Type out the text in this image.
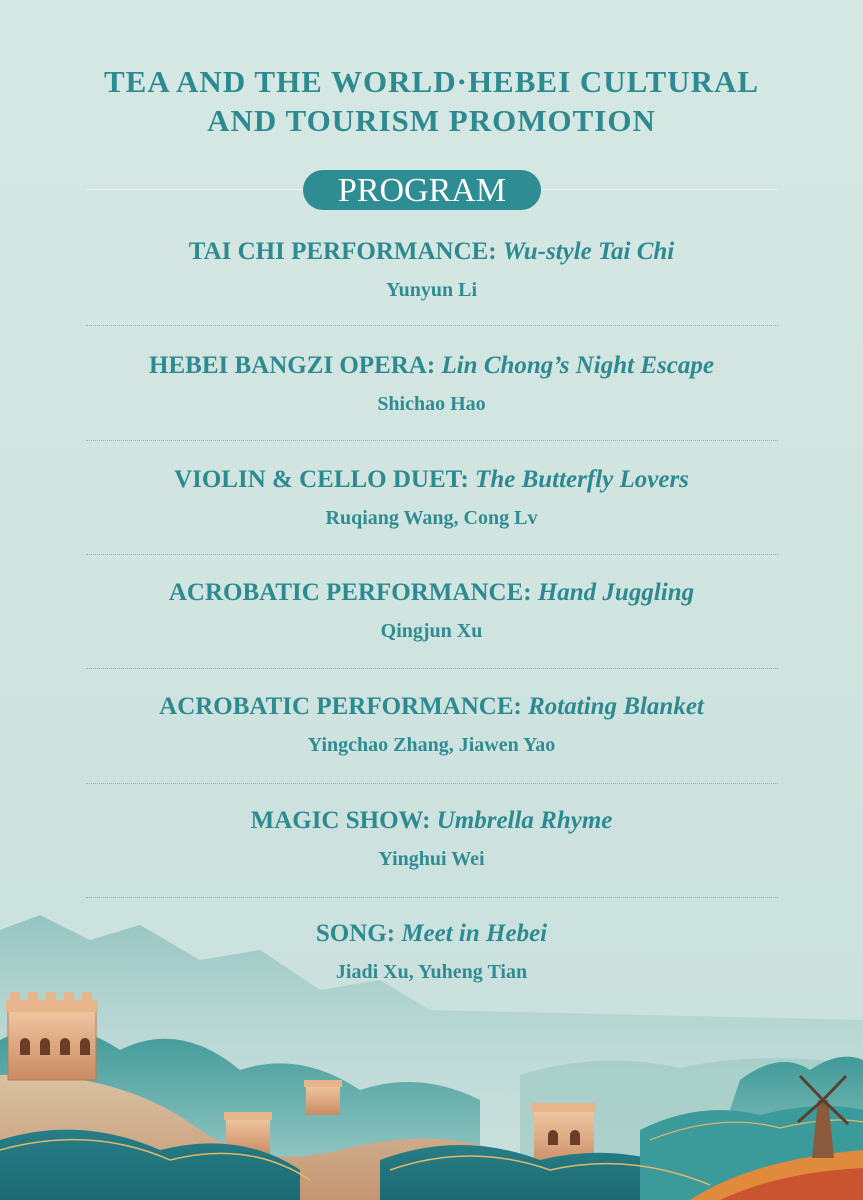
TEA AND THE WORLD·HEBEI CULTURAL
AND TOURISM PROMOTION
PROGRAM
TAI CHI PERFORMANCE: Wu-style Tai Chi
Yunyun Li
HEBEI BANGZI OPERA: Lin Chong’s Night Escape
Shichao Hao
VIOLIN & CELLO DUET: The Butterfly Lovers
Ruqiang Wang, Cong Lv
ACROBATIC PERFORMANCE: Hand Juggling
Qingjun Xu
ACROBATIC PERFORMANCE: Rotating Blanket
Yingchao Zhang, Jiawen Yao
MAGIC SHOW: Umbrella Rhyme
Yinghui Wei
SONG: Meet in Hebei
Jiadi Xu, Yuheng Tian
